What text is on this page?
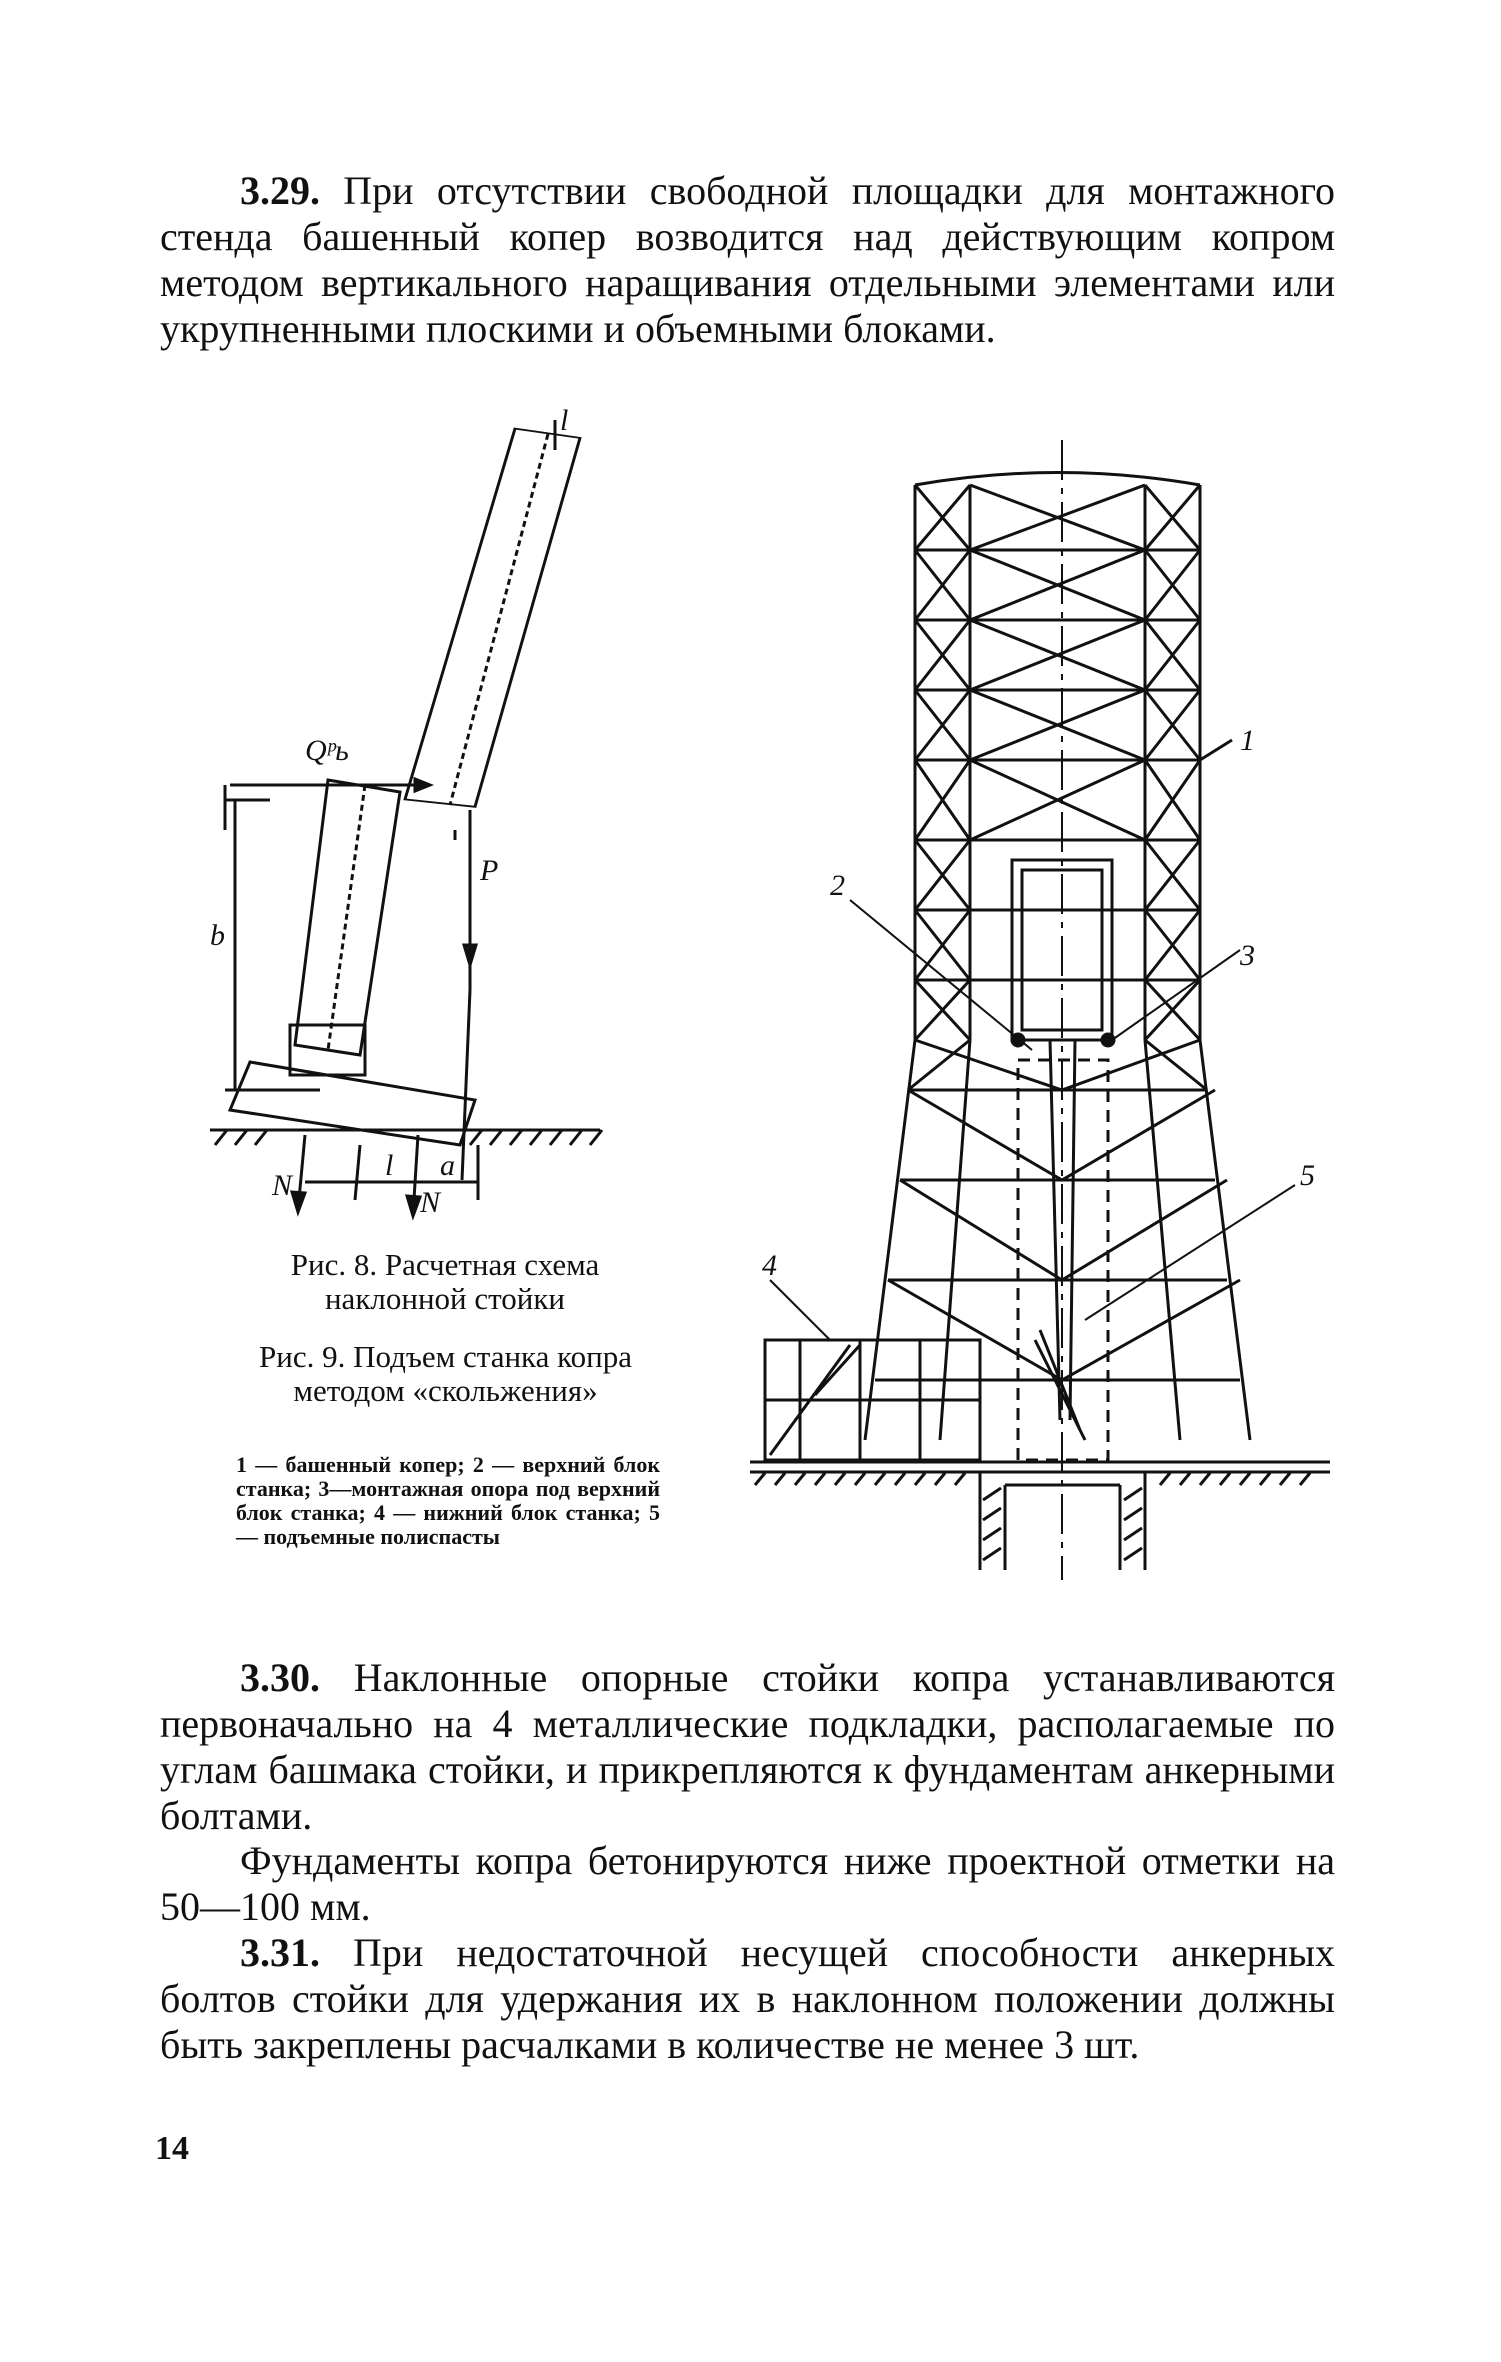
3.29. При отсутствии свободной площадки для монтажного стенда башенный копер возводится над действующим копром методом вертикального наращивания отдельными элементами или укрупненными плоскими и объемными блоками.

Qᵖь
l
b
P
N
l a
N
1
2
3
4
5

Рис. 8. Расчетная схема наклонной стойки

Рис. 9. Подъем станка копра методом «скольжения»

1 — башенный копер; 2 — верхний блок станка; 3—монтажная опора под верхний блок станка; 4 — нижний блок станка; 5 — подъемные полиспасты

3.30. Наклонные опорные стойки копра устанавливаются первоначально на 4 металлические подкладки, располагаемые по углам башмака стойки, и прикрепляются к фундаментам анкерными болтами.

Фундаменты копра бетонируются ниже проектной отметки на 50—100 мм.

3.31. При недостаточной несущей способности анкерных болтов стойки для удержания их в наклонном положении должны быть закреплены расчалками в количестве не менее 3 шт.

14
